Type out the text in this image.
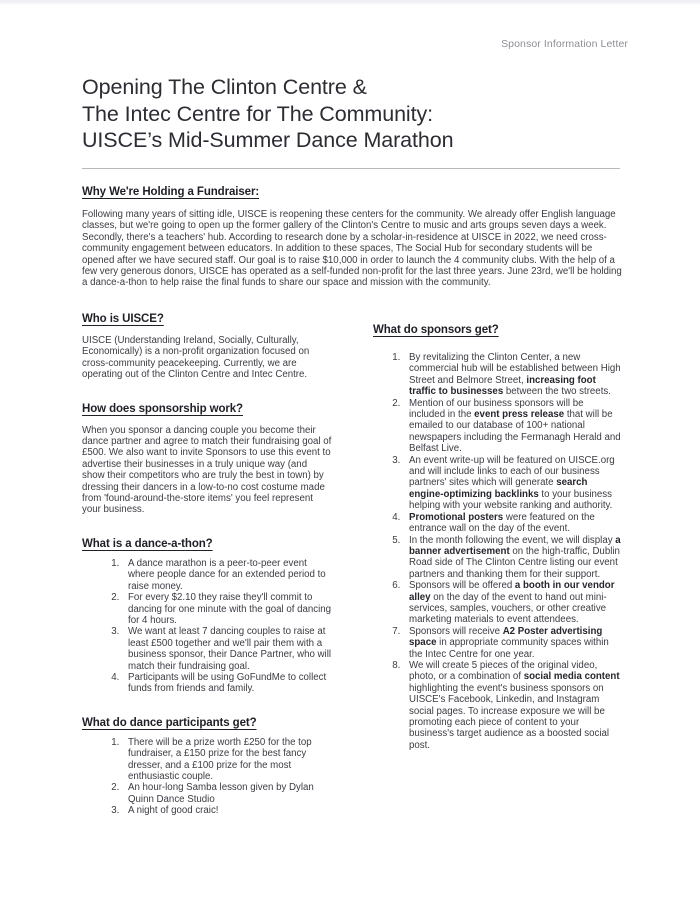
Sponsor Information Letter
Opening The Clinton Centre &
The Intec Centre for The Community:
UISCE’s Mid-Summer Dance Marathon
Why We're Holding a Fundraiser:

Following many years of sitting idle, UISCE is reopening these centers for the community. We already offer English language classes, but we're going to open up the former gallery of the Clinton's Centre to music and arts groups seven days a week. Secondly, there's a teachers' hub. According to research done by a scholar-in-residence at UISCE in 2022, we need cross-community engagement between educators. In addition to these spaces, The Social Hub for secondary students will be opened after we have secured staff. Our goal is to raise $10,000 in order to launch the 4 community clubs. With the help of a few very generous donors, UISCE has operated as a self-funded non-profit for the last three years. June 23rd, we'll be holding a dance-a-thon to help raise the final funds to share our space and mission with the community.

Who is UISCE?

UISCE (Understanding Ireland, Socially, Culturally, Economically) is a non-profit organization focused on cross-community peacekeeping. Currently, we are operating out of the Clinton Centre and Intec Centre.

How does sponsorship work?

When you sponsor a dancing couple you become their dance partner and agree to match their fundraising goal of £500. We also want to invite Sponsors to use this event to advertise their businesses in a truly unique way (and show their competitors who are truly the best in town) by dressing their dancers in a low-to-no cost costume made from 'found-around-the-store items' you feel represent your business.

What is a dance-a-thon?
1. A dance marathon is a peer-to-peer event where people dance for an extended period to raise money.
2. For every $2.10 they raise they'll commit to dancing for one minute with the goal of dancing for 4 hours.
3. We want at least 7 dancing couples to raise at least £500 together and we'll pair them with a business sponsor, their Dance Partner, who will match their fundraising goal.
4. Participants will be using GoFundMe to collect funds from friends and family.
What do dance participants get?
1. There will be a prize worth £250 for the top fundraiser, a £150 prize for the best fancy dresser, and a £100 prize for the most enthusiastic couple.
2. An hour-long Samba lesson given by Dylan Quinn Dance Studio
3. A night of good craic!
What do sponsors get?
1. By revitalizing the Clinton Center, a new commercial hub will be established between High Street and Belmore Street, increasing foot traffic to businesses between the two streets.
2. Mention of our business sponsors will be included in the event press release that will be emailed to our database of 100+ national newspapers including the Fermanagh Herald and Belfast Live.
3. An event write-up will be featured on UISCE.org and will include links to each of our business partners' sites which will generate search engine-optimizing backlinks to your business helping with your website ranking and authority.
4. Promotional posters were featured on the entrance wall on the day of the event.
5. In the month following the event, we will display a banner advertisement on the high-traffic, Dublin Road side of The Clinton Centre listing our event partners and thanking them for their support.
6. Sponsors will be offered a booth in our vendor alley on the day of the event to hand out mini-services, samples, vouchers, or other creative marketing materials to event attendees.
7. Sponsors will receive A2 Poster advertising space in appropriate community spaces within the Intec Centre for one year.
8. We will create 5 pieces of the original video, photo, or a combination of social media content highlighting the event's business sponsors on UISCE's Facebook, Linkedin, and Instagram social pages. To increase exposure we will be promoting each piece of content to your business's target audience as a boosted social post.
